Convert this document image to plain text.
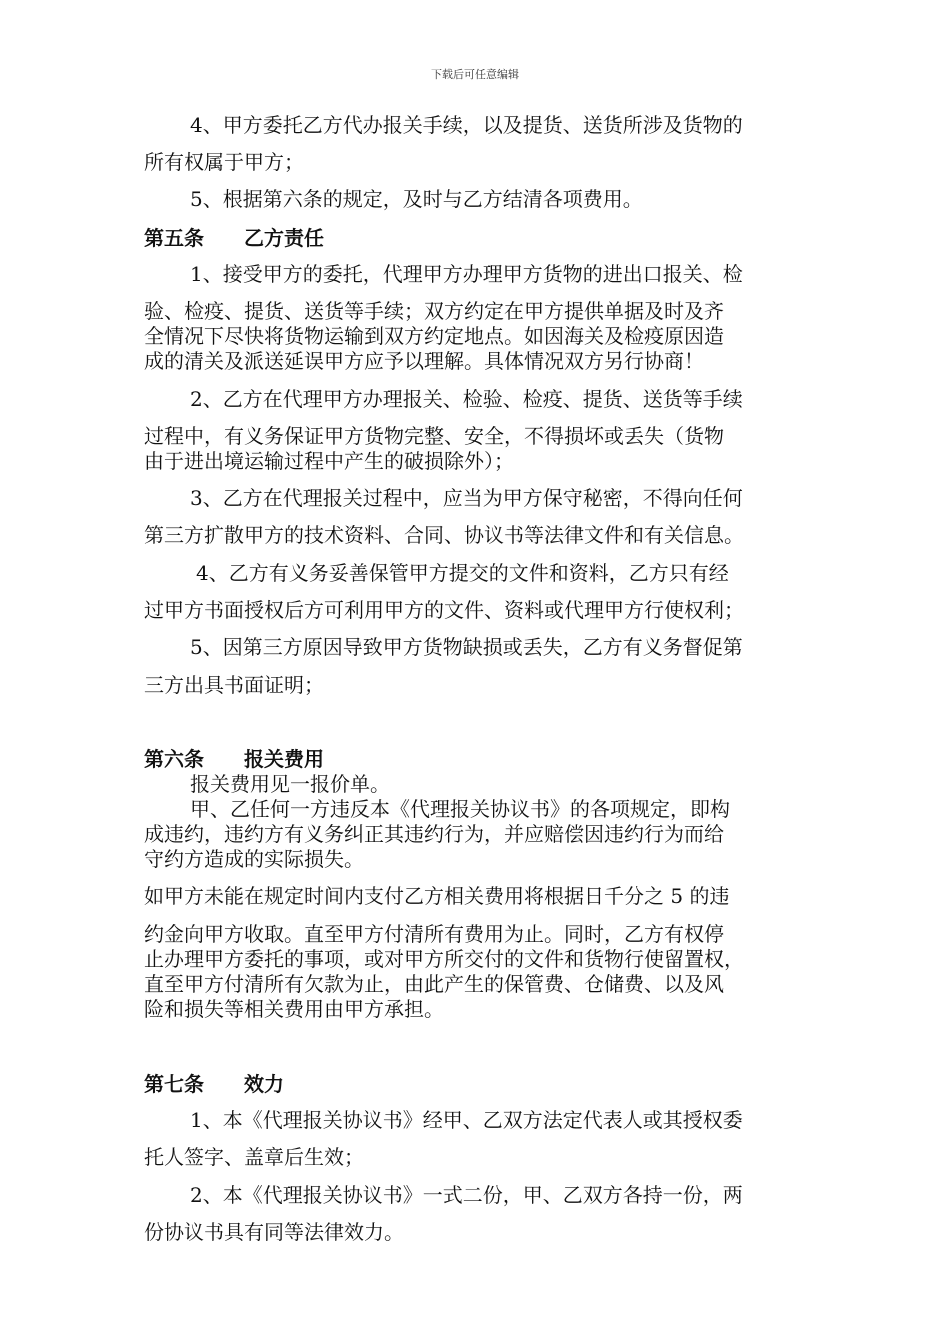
下载后可任意编辑
4、甲方委托乙方代办报关手续，以及提货、送货所涉及货物的
所有权属于甲方；
5、根据第六条的规定，及时与乙方结清各项费用。
第五条 乙方责任
1、接受甲方的委托，代理甲方办理甲方货物的进出口报关、检
验、检疫、提货、送货等手续；双方约定在甲方提供单据及时及齐
全情况下尽快将货物运输到双方约定地点。如因海关及检疫原因造
成的清关及派送延误甲方应予以理解。具体情况双方另行协商！
2、乙方在代理甲方办理报关、检验、检疫、提货、送货等手续
过程中，有义务保证甲方货物完整、安全，不得损坏或丢失（货物
由于进出境运输过程中产生的破损除外）；
3、乙方在代理报关过程中，应当为甲方保守秘密，不得向任何
第三方扩散甲方的技术资料、合同、协议书等法律文件和有关信息。
4、乙方有义务妥善保管甲方提交的文件和资料，乙方只有经
过甲方书面授权后方可利用甲方的文件、资料或代理甲方行使权利；
5、因第三方原因导致甲方货物缺损或丢失，乙方有义务督促第
三方出具书面证明；
第六条 报关费用
报关费用见一报价单。
甲、乙任何一方违反本《代理报关协议书》的各项规定，即构
成违约，违约方有义务纠正其违约行为，并应赔偿因违约行为而给
守约方造成的实际损失。
如甲方未能在规定时间内支付乙方相关费用将根据日千分之 5 的违
约金向甲方收取。直至甲方付清所有费用为止。同时，乙方有权停
止办理甲方委托的事项，或对甲方所交付的文件和货物行使留置权，
直至甲方付清所有欠款为止，由此产生的保管费、仓储费、以及风
险和损失等相关费用由甲方承担。
第七条 效力
1、本《代理报关协议书》经甲、乙双方法定代表人或其授权委
托人签字、盖章后生效；
2、本《代理报关协议书》一式二份，甲、乙双方各持一份，两
份协议书具有同等法律效力。
